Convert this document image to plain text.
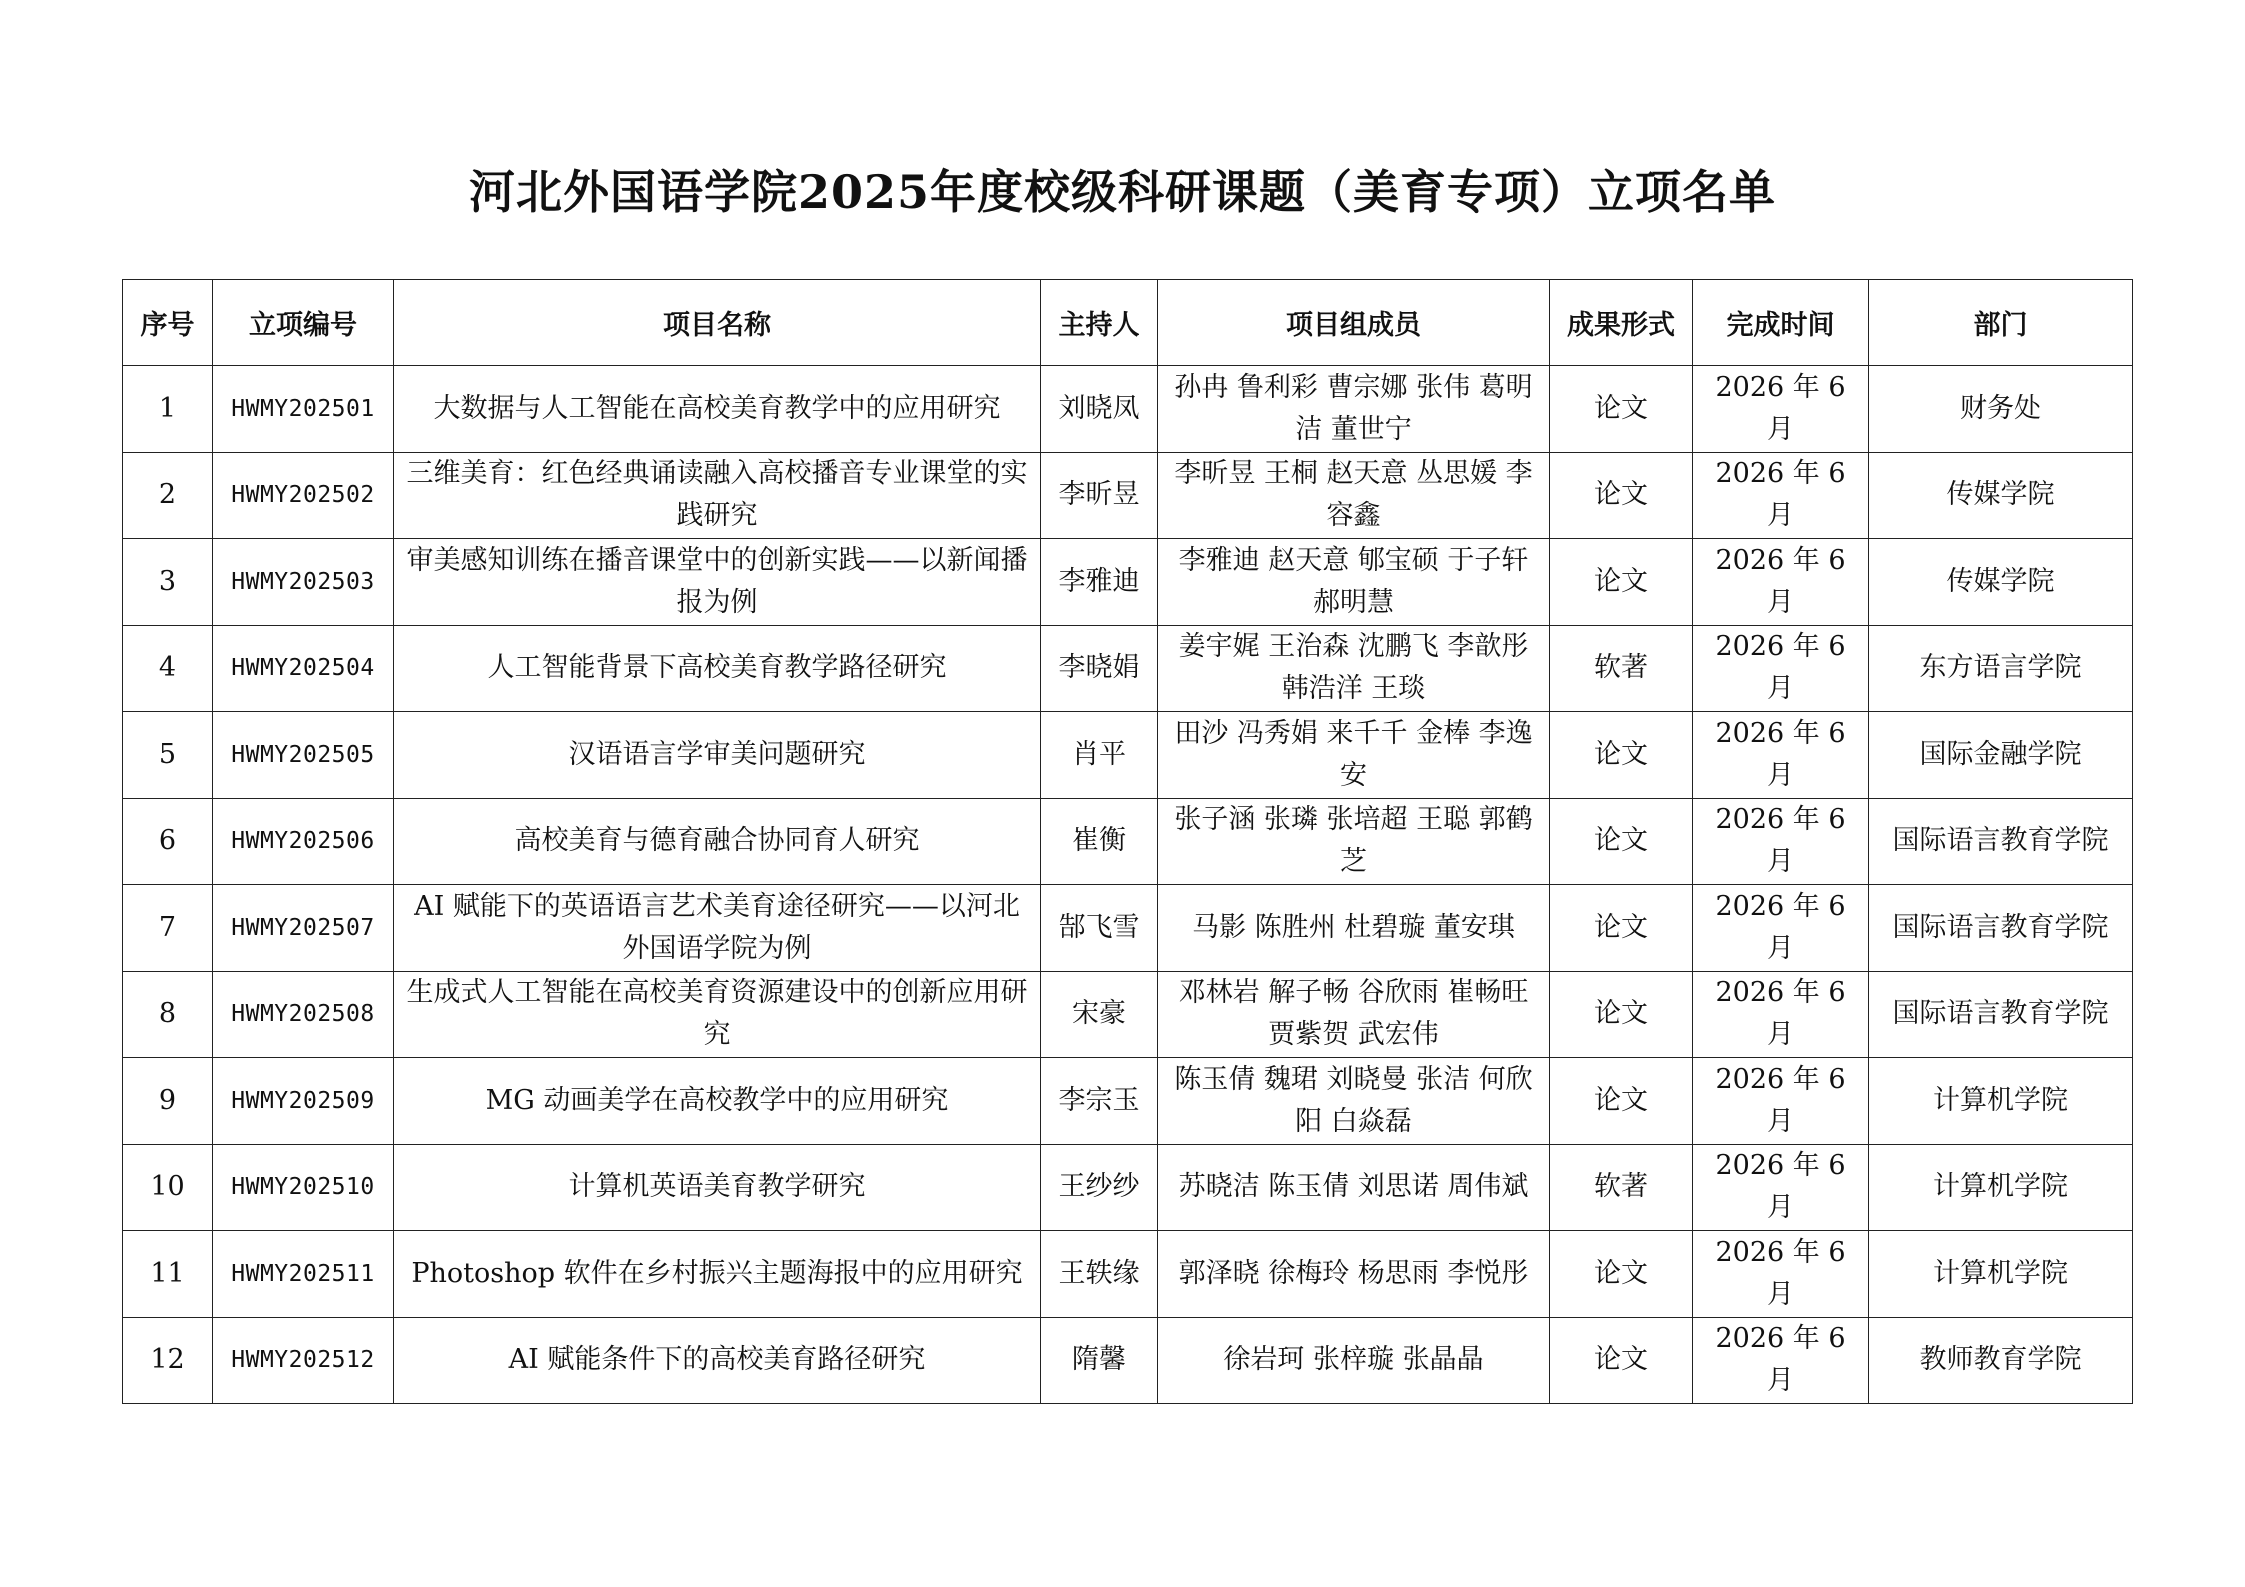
河北外国语学院2025年度校级科研课题（美育专项）立项名单
序号	立项编号	项目名称	主持人	项目组成员	成果形式	完成时间	部门
1	HWMY202501	大数据与人工智能在高校美育教学中的应用研究	刘晓凤	孙冉 鲁利彩 曹宗娜 张伟 葛明洁 董世宁	论文	2026 年 6 月	财务处
2	HWMY202502	三维美育：红色经典诵读融入高校播音专业课堂的实践研究	李昕昱	李昕昱 王桐 赵天意 丛思媛 李容鑫	论文	2026 年 6 月	传媒学院
3	HWMY202503	审美感知训练在播音课堂中的创新实践——以新闻播报为例	李雅迪	李雅迪 赵天意 郇宝硕 于子轩 郝明慧	论文	2026 年 6 月	传媒学院
4	HWMY202504	人工智能背景下高校美育教学路径研究	李晓娟	姜宇娓 王治森 沈鹏飞 李歆彤 韩浩洋 王琰	软著	2026 年 6 月	东方语言学院
5	HWMY202505	汉语语言学审美问题研究	肖平	田沙 冯秀娟 来千千 金棒 李逸安	论文	2026 年 6 月	国际金融学院
6	HWMY202506	高校美育与德育融合协同育人研究	崔衡	张子涵 张璘 张培超 王聪 郭鹤芝	论文	2026 年 6 月	国际语言教育学院
7	HWMY202507	AI 赋能下的英语语言艺术美育途径研究——以河北外国语学院为例	郜飞雪	马影 陈胜州 杜碧璇 董安琪	论文	2026 年 6 月	国际语言教育学院
8	HWMY202508	生成式人工智能在高校美育资源建设中的创新应用研究	宋豪	邓林岩 解子畅 谷欣雨 崔畅旺 贾紫贺 武宏伟	论文	2026 年 6 月	国际语言教育学院
9	HWMY202509	MG 动画美学在高校教学中的应用研究	李宗玉	陈玉倩 魏珺 刘晓曼 张洁 何欣阳 白焱磊	论文	2026 年 6 月	计算机学院
10	HWMY202510	计算机英语美育教学研究	王纱纱	苏晓洁 陈玉倩 刘思诺 周伟斌	软著	2026 年 6 月	计算机学院
11	HWMY202511	Photoshop 软件在乡村振兴主题海报中的应用研究	王轶缘	郭泽晓 徐梅玲 杨思雨 李悦彤	论文	2026 年 6 月	计算机学院
12	HWMY202512	AI 赋能条件下的高校美育路径研究	隋馨	徐岩珂 张梓璇 张晶晶	论文	2026 年 6 月	教师教育学院
